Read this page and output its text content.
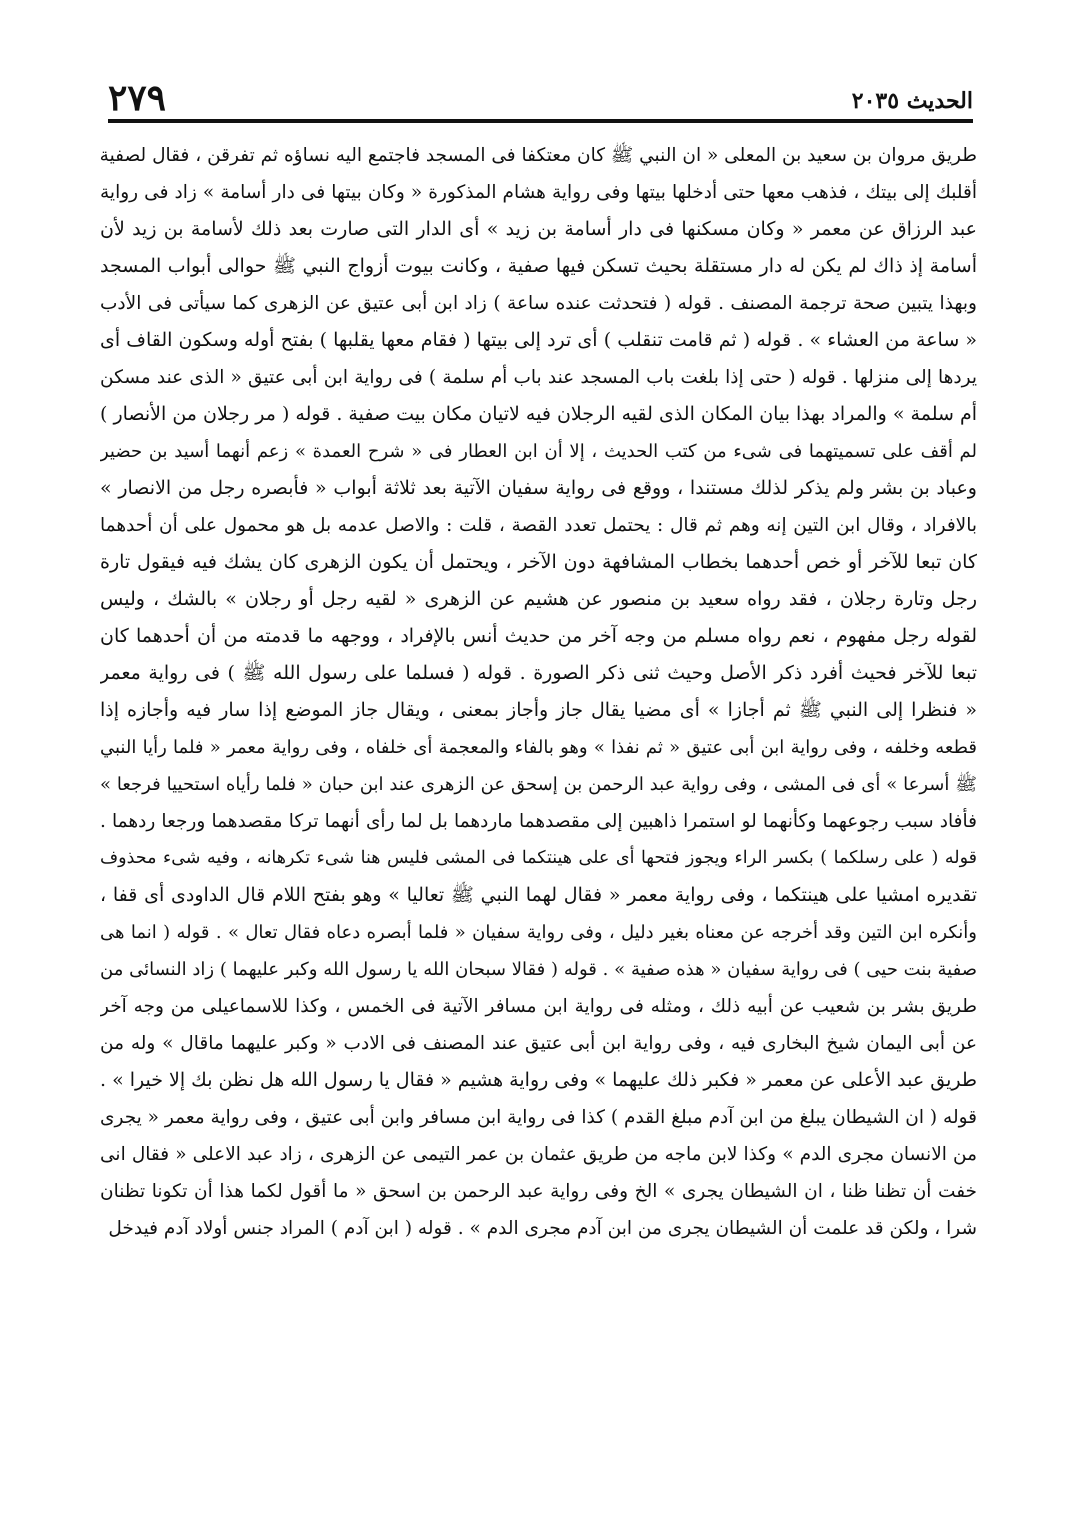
الحديث ٢٠٣٥
٢٧٩
طريق مروان بن سعيد بن المعلى « ان النبي ﷺ كان معتكفا فى المسجد فاجتمع اليه نساؤه ثم تفرقن ، فقال لصفية
أقلبك إلى بيتك ، فذهب معها حتى أدخلها بيتها وفى رواية هشام المذكورة « وكان بيتها فى دار أسامة » زاد فى رواية
عبد الرزاق عن معمر « وكان مسكنها فى دار أسامة بن زيد » أى الدار التى صارت بعد ذلك لأسامة بن زيد لأن
أسامة إذ ذاك لم يكن له دار مستقلة بحيث تسكن فيها صفية ، وكانت بيوت أزواج النبي ﷺ حوالى أبواب المسجد
وبهذا يتبين صحة ترجمة المصنف . قوله ( فتحدثت عنده ساعة ) زاد ابن أبى عتيق عن الزهرى كما سيأتى فى الأدب
« ساعة من العشاء » . قوله ( ثم قامت تنقلب ) أى ترد إلى بيتها ( فقام معها يقلبها ) بفتح أوله وسكون القاف أى
يردها إلى منزلها . قوله ( حتى إذا بلغت باب المسجد عند باب أم سلمة ) فى رواية ابن أبى عتيق « الذى عند مسكن
أم سلمة » والمراد بهذا بيان المكان الذى لقيه الرجلان فيه لاتيان مكان بيت صفية . قوله ( مر رجلان من الأنصار )
لم أقف على تسميتهما فى شىء من كتب الحديث ، إلا أن ابن العطار فى « شرح العمدة » زعم أنهما أسيد بن حضير
وعباد بن بشر ولم يذكر لذلك مستندا ، ووقع فى رواية سفيان الآتية بعد ثلاثة أبواب « فأبصره رجل من الانصار »
بالافراد ، وقال ابن التين إنه وهم ثم قال : يحتمل تعدد القصة ، قلت : والاصل عدمه بل هو محمول على أن أحدهما
كان تبعا للآخر أو خص أحدهما بخطاب المشافهة دون الآخر ، ويحتمل أن يكون الزهرى كان يشك فيه فيقول تارة
رجل وتارة رجلان ، فقد رواه سعيد بن منصور عن هشيم عن الزهرى « لقيه رجل أو رجلان » بالشك ، وليس
لقوله رجل مفهوم ، نعم رواه مسلم من وجه آخر من حديث أنس بالإفراد ، ووجهه ما قدمته من أن أحدهما كان
تبعا للآخر فحيث أفرد ذكر الأصل وحيث ثنى ذكر الصورة . قوله ( فسلما على رسول الله ﷺ ) فى رواية معمر
« فنظرا إلى النبي ﷺ ثم أجازا » أى مضيا يقال جاز وأجاز بمعنى ، ويقال جاز الموضع إذا سار فيه وأجازه إذا
قطعه وخلفه ، وفى رواية ابن أبى عتيق « ثم نفذا » وهو بالفاء والمعجمة أى خلفاه ، وفى رواية معمر « فلما رأيا النبي
ﷺ أسرعا » أى فى المشى ، وفى رواية عبد الرحمن بن إسحق عن الزهرى عند ابن حبان « فلما رأياه استحييا فرجعا »
فأفاد سبب رجوعهما وكأنهما لو استمرا ذاهبين إلى مقصدهما ماردهما بل لما رأى أنهما تركا مقصدهما ورجعا ردهما .
قوله ( على رسلكما ) بكسر الراء ويجوز فتحها أى على هينتكما فى المشى فليس هنا شىء تكرهانه ، وفيه شىء محذوف
تقديره امشيا على هينتكما ، وفى رواية معمر « فقال لهما النبي ﷺ تعاليا » وهو بفتح اللام قال الداودى أى قفا ،
وأنكره ابن التين وقد أخرجه عن معناه بغير دليل ، وفى رواية سفيان « فلما أبصره دعاه فقال تعال » . قوله ( انما هى
صفية بنت حيى ) فى رواية سفيان « هذه صفية » . قوله ( فقالا سبحان الله يا رسول الله وكبر عليهما ) زاد النسائى من
طريق بشر بن شعيب عن أبيه ذلك ، ومثله فى رواية ابن مسافر الآتية فى الخمس ، وكذا للاسماعيلى من وجه آخر
عن أبى اليمان شيخ البخارى فيه ، وفى رواية ابن أبى عتيق عند المصنف فى الادب « وكبر عليهما ماقال » وله من
طريق عبد الأعلى عن معمر « فكبر ذلك عليهما » وفى رواية هشيم « فقال يا رسول الله هل نظن بك إلا خيرا » .
قوله ( ان الشيطان يبلغ من ابن آدم مبلغ القدم ) كذا فى رواية ابن مسافر وابن أبى عتيق ، وفى رواية معمر « يجرى
من الانسان مجرى الدم » وكذا لابن ماجه من طريق عثمان بن عمر التيمى عن الزهرى ، زاد عبد الاعلى « فقال انى
خفت أن تظنا ظنا ، ان الشيطان يجرى » الخ وفى رواية عبد الرحمن بن اسحق « ما أقول لكما هذا أن تكونا تظنان
شرا ، ولكن قد علمت أن الشيطان يجرى من ابن آدم مجرى الدم » . قوله ( ابن آدم ) المراد جنس أولاد آدم فيدخل
